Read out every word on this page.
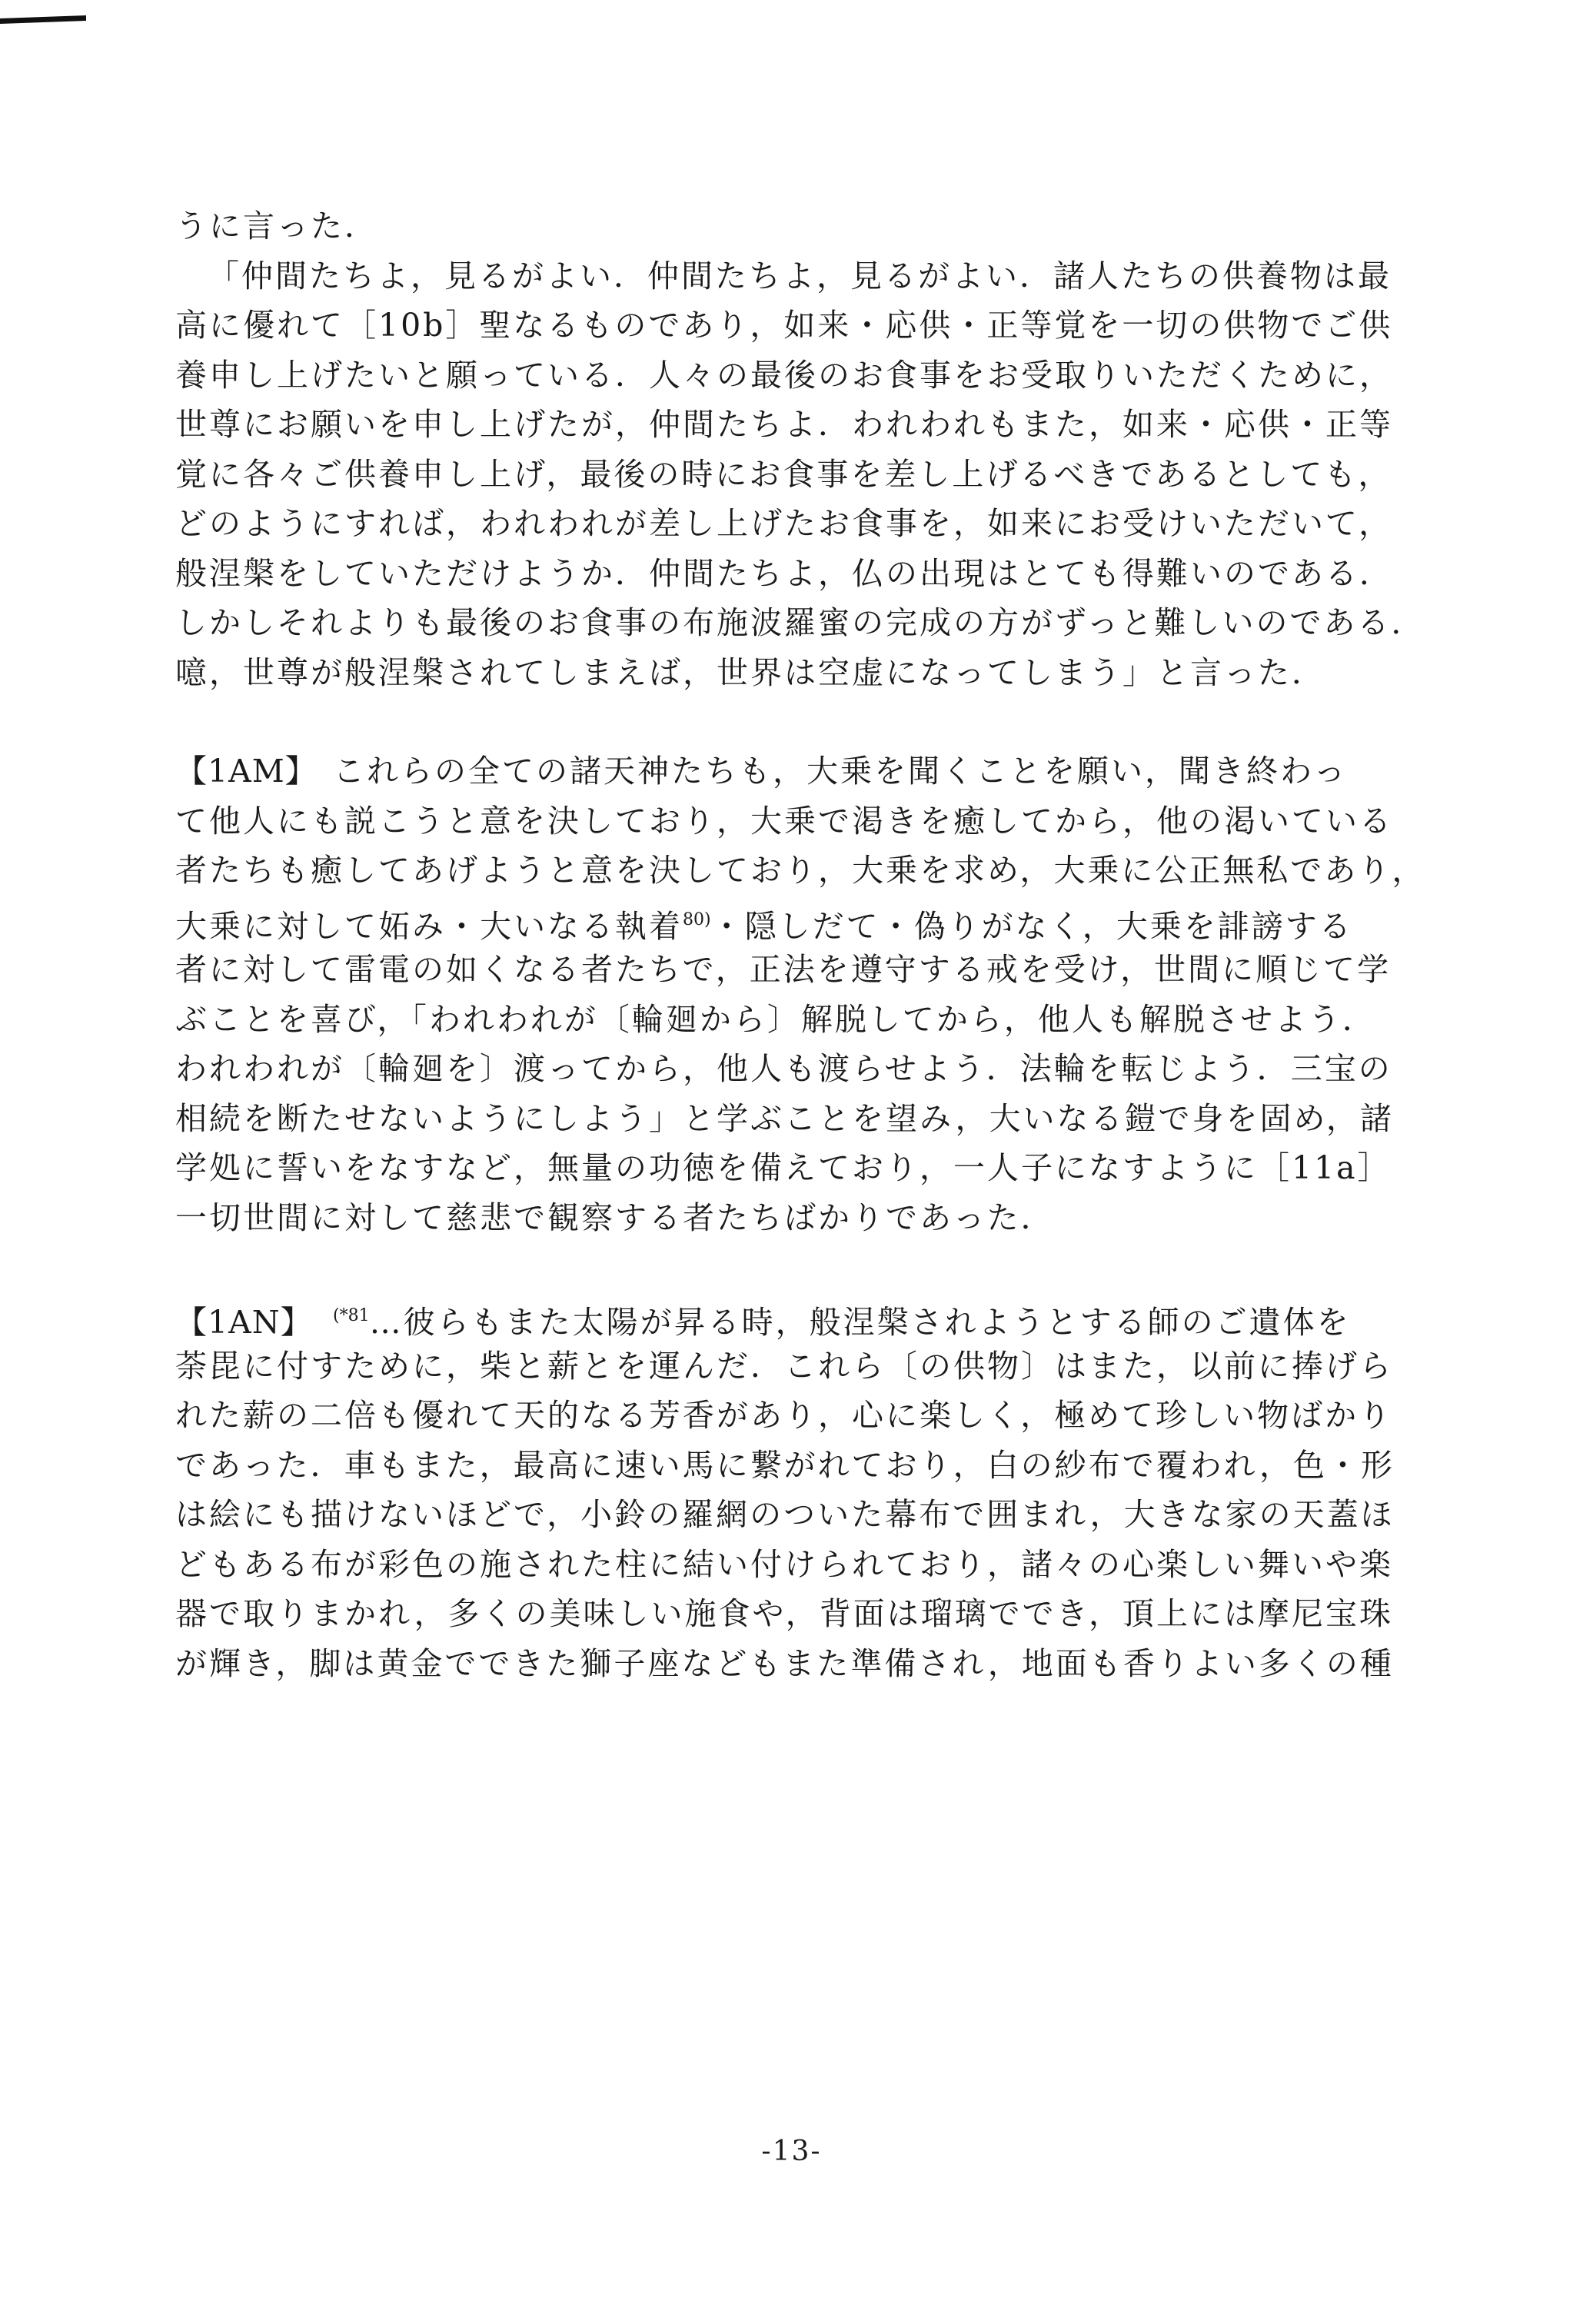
うに言った．
「仲間たちよ，見るがよい．仲間たちよ，見るがよい．諸人たちの供養物は最
高に優れて［10b］聖なるものであり，如来・応供・正等覚を一切の供物でご供
養申し上げたいと願っている．人々の最後のお食事をお受取りいただくために，
世尊にお願いを申し上げたが，仲間たちよ．われわれもまた，如来・応供・正等
覚に各々ご供養申し上げ，最後の時にお食事を差し上げるべきであるとしても，
どのようにすれば，われわれが差し上げたお食事を，如来にお受けいただいて，
般涅槃をしていただけようか．仲間たちよ，仏の出現はとても得難いのである．
しかしそれよりも最後のお食事の布施波羅蜜の完成の方がずっと難しいのである．
噫，世尊が般涅槃されてしまえば，世界は空虚になってしまう」と言った．
【1AM】 これらの全ての諸天神たちも，大乗を聞くことを願い，聞き終わっ
て他人にも説こうと意を決しており，大乗で渇きを癒してから，他の渇いている
者たちも癒してあげようと意を決しており，大乗を求め，大乗に公正無私であり，
大乗に対して妬み・大いなる執着$^{80)}$・隠しだて・偽りがなく，大乗を誹謗する
者に対して雷電の如くなる者たちで，正法を遵守する戒を受け，世間に順じて学
ぶことを喜び，「われわれが〔輪廻から〕解脱してから，他人も解脱させよう．
われわれが〔輪廻を〕渡ってから，他人も渡らせよう．法輪を転じよう．三宝の
相続を断たせないようにしよう」と学ぶことを望み，大いなる鎧で身を固め，諸
学処に誓いをなすなど，無量の功徳を備えており，一人子になすように［11a］
一切世間に対して慈悲で観察する者たちばかりであった．
【1AN】 $^{(*81}$…彼らもまた太陽が昇る時，般涅槃されようとする師のご遺体を
荼毘に付すために，柴と薪とを運んだ．これら〔の供物〕はまた，以前に捧げら
れた薪の二倍も優れて天的なる芳香があり，心に楽しく，極めて珍しい物ばかり
であった．車もまた，最高に速い馬に繋がれており，白の紗布で覆われ，色・形
は絵にも描けないほどで，小鈴の羅網のついた幕布で囲まれ，大きな家の天蓋ほ
どもある布が彩色の施された柱に結い付けられており，諸々の心楽しい舞いや楽
器で取りまかれ，多くの美味しい施食や，背面は瑠璃ででき，頂上には摩尼宝珠
が輝き，脚は黄金でできた獅子座などもまた準備され，地面も香りよい多くの種
-13-
